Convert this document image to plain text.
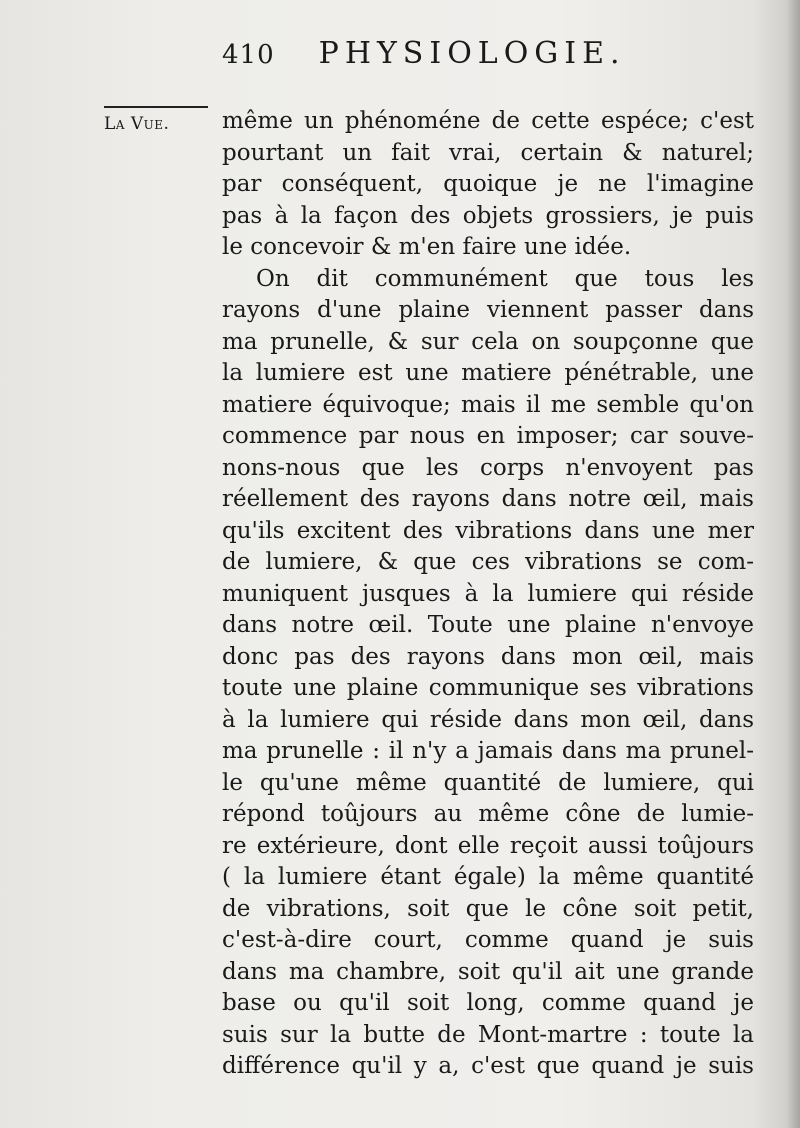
410 PHYSIOLOGIE.
La Vue.	même un phénoméne de cette espéce; c'est
pourtant un fait vrai, certain & naturel;
par conséquent, quoique je ne l'imagine
pas à la façon des objets grossiers, je puis
le concevoir & m'en faire une idée.
On dit communément que tous les
rayons d'une plaine viennent passer dans
ma prunelle, & sur cela on soupçonne que
la lumiere est une matiere pénétrable, une
matiere équivoque; mais il me semble qu'on
commence par nous en imposer; car souve-
nons-nous que les corps n'envoyent pas
réellement des rayons dans notre œil, mais
qu'ils excitent des vibrations dans une mer
de lumiere, & que ces vibrations se com-
muniquent jusques à la lumiere qui réside
dans notre œil. Toute une plaine n'envoye
donc pas des rayons dans mon œil, mais
toute une plaine communique ses vibrations
à la lumiere qui réside dans mon œil, dans
ma prunelle : il n'y a jamais dans ma prunel-
le qu'une même quantité de lumiere, qui
répond toûjours au même cône de lumie-
re extérieure, dont elle reçoit aussi toûjours
( la lumiere étant égale) la même quantité
de vibrations, soit que le cône soit petit,
c'est-à-dire court, comme quand je suis
dans ma chambre, soit qu'il ait une grande
base ou qu'il soit long, comme quand je
suis sur la butte de Mont-martre : toute la
différence qu'il y a, c'est que quand je suis
